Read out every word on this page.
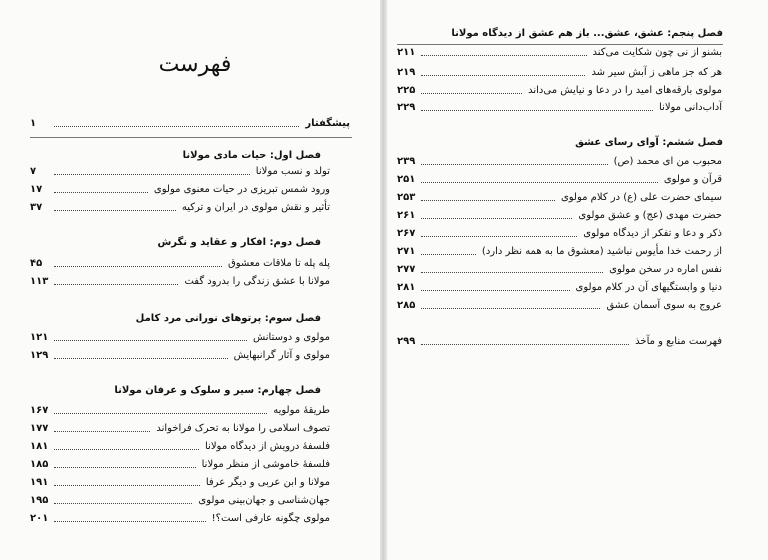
فهرست
پیشگفتار
۱
فصل اول: حیات مادی مولانا
تولد و نسب مولانا
۷
ورود شمس تبریزی در حیات معنوی مولوی
۱۷
تأثیر و نقش مولوی در ایران و ترکیه
۳۷
فصل دوم: افکار و عقاید و نگرش
پله پله تا ملاقات معشوق
۴۵
مولانا با عشق زندگی را بدرود گفت
۱۱۳
فصل سوم: پرتوهای نورانی مرد کامل
مولوی و دوستانش
۱۲۱
مولوی و آثار گرانبهایش
۱۲۹
فصل چهارم: سیر و سلوک و عرفان مولانا
طریقهٔ مولویه
۱۶۷
تصوف اسلامی را مولانا به تحرک فراخواند
۱۷۷
فلسفهٔ درویش از دیدگاه مولانا
۱۸۱
فلسفهٔ خاموشی از منظر مولانا
۱۸۵
مولانا و ابن عربی و دیگر عرفا
۱۹۱
جهان‌شناسی و جهان‌بینی مولوی
۱۹۵
مولوی چگونه عارفی است؟!
۲۰۱
فصل پنجم: عشق، عشق... باز هم عشق از دیدگاه مولانا
بشنو از نی چون شکایت می‌کند
۲۱۱
هر که جز ماهی ز آبش سیر شد
۲۱۹
مولوی بارقه‌های امید را در دعا و نیایش می‌داند
۲۲۵
آداب‌دانی مولانا
۲۲۹
فصل ششم: آوای رسای عشق
محبوب من ای محمد (ص)
۲۳۹
قرآن و مولوی
۲۵۱
سیمای حضرت علی (ع) در کلام مولوی
۲۵۳
حضرت مهدی (عج) و عشق مولوی
۲۶۱
ذکر و دعا و تفکر از دیدگاه مولوی
۲۶۷
از رحمت خدا مأیوس نباشید (معشوق ما به همه نظر دارد)
۲۷۱
نفس اماره در سخن مولوی
۲۷۷
دنیا و وابستگیهای آن در کلام مولوی
۲۸۱
عروج به سوی آسمان عشق
۲۸۵
فهرست منابع و مآخذ
۲۹۹
